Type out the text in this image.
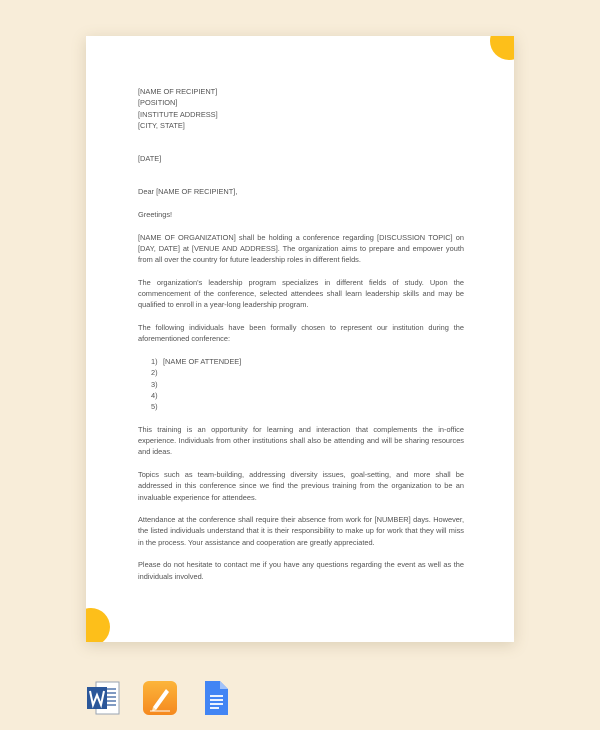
[NAME OF RECIPIENT]
[POSITION]
[INSTITUTE ADDRESS]
[CITY, STATE]

[DATE]

Dear [NAME OF RECIPIENT],

Greetings!

[NAME OF ORGANIZATION] shall be holding a conference regarding [DISCUSSION TOPIC] on [DAY, DATE] at [VENUE AND ADDRESS]. The organization aims to prepare and empower youth from all over the country for future leadership roles in different fields.

The organization's leadership program specializes in different fields of study. Upon the commencement of the conference, selected attendees shall learn leadership skills and may be qualified to enroll in a year-long leadership program.

The following individuals have been formally chosen to represent our institution during the aforementioned conference:

1) [NAME OF ATTENDEE]
2)
3)
4)
5)

This training is an opportunity for learning and interaction that complements the in-office experience. Individuals from other institutions shall also be attending and will be sharing resources and ideas.

Topics such as team-building, addressing diversity issues, goal-setting, and more shall be addressed in this conference since we find the previous training from the organization to be an invaluable experience for attendees.

Attendance at the conference shall require their absence from work for [NUMBER] days. However, the listed individuals understand that it is their responsibility to make up for work that they will miss in the process. Your assistance and cooperation are greatly appreciated.

Please do not hesitate to contact me if you have any questions regarding the event as well as the individuals involved.
